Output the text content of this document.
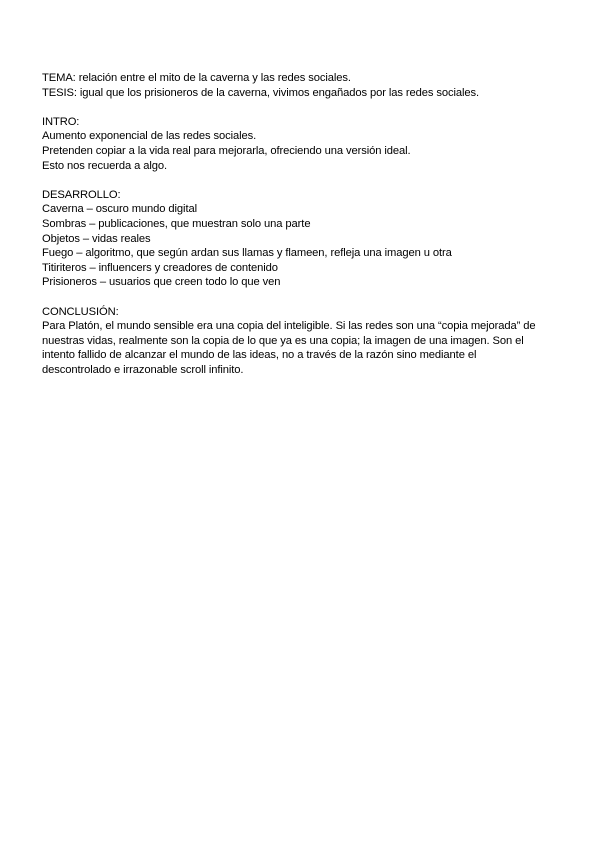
TEMA: relación entre el mito de la caverna y las redes sociales.
TESIS: igual que los prisioneros de la caverna, vivimos engañados por las redes sociales.
INTRO:
Aumento exponencial de las redes sociales.
Pretenden copiar a la vida real para mejorarla, ofreciendo una versión ideal.
Esto nos recuerda a algo.
DESARROLLO:
Caverna – oscuro mundo digital
Sombras – publicaciones, que muestran solo una parte
Objetos – vidas reales
Fuego – algoritmo, que según ardan sus llamas y flameen, refleja una imagen u otra
Titiriteros – influencers y creadores de contenido
Prisioneros – usuarios que creen todo lo que ven
CONCLUSIÓN:
Para Platón, el mundo sensible era una copia del inteligible. Si las redes son una “copia mejorada” de nuestras vidas, realmente son la copia de lo que ya es una copia; la imagen de una imagen. Son el intento fallido de alcanzar el mundo de las ideas, no a través de la razón sino mediante el descontrolado e irrazonable scroll infinito.
